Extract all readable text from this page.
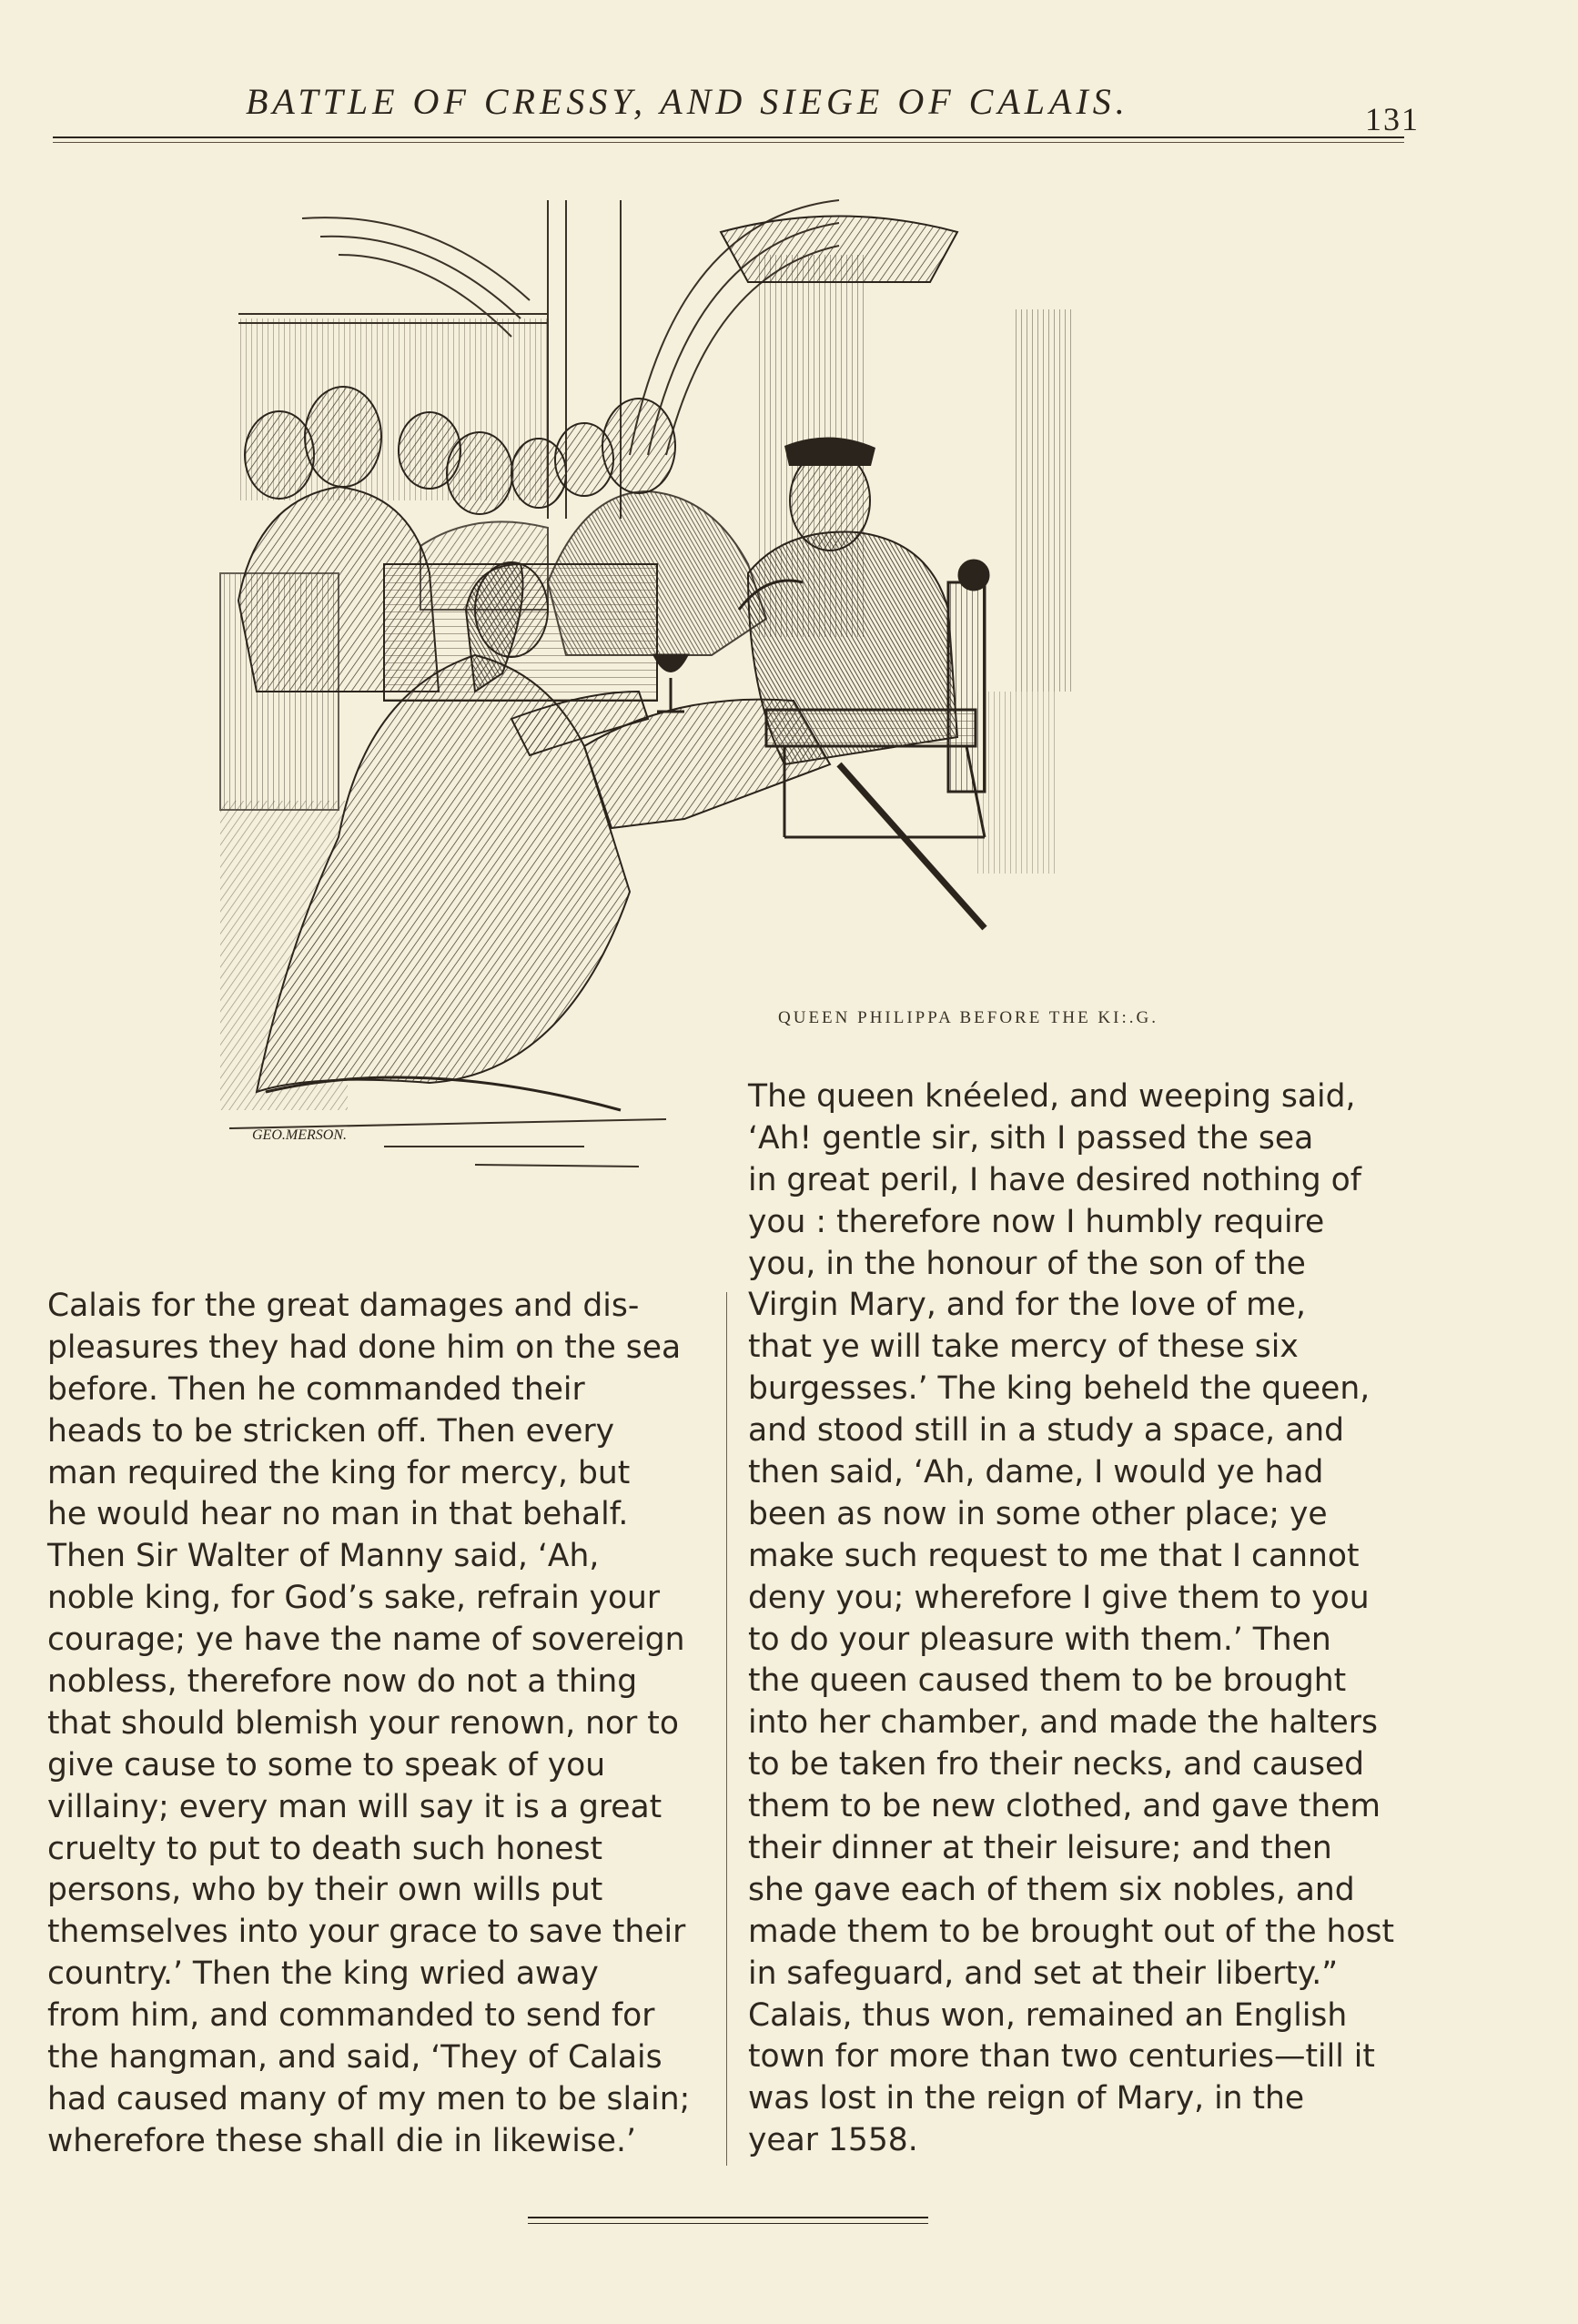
BATTLE OF CRESSY, AND SIEGE OF CALAIS.	131
GEO.MERSON.
QUEEN PHILIPPA BEFORE THE KI:.G.
Calais for the great damages and dis-
pleasures they had done him on the sea
before. Then he commanded their
heads to be stricken off. Then every
man required the king for mercy, but
he would hear no man in that behalf.
Then Sir Walter of Manny said, ‘Ah,
noble king, for God’s sake, refrain your
courage; ye have the name of sovereign
nobless, therefore now do not a thing
that should blemish your renown, nor to
give cause to some to speak of you
villainy; every man will say it is a great
cruelty to put to death such honest
persons, who by their own wills put
themselves into your grace to save their
country.’ Then the king wried away
from him, and commanded to send for
the hangman, and said, ‘They of Calais
had caused many of my men to be slain;
wherefore these shall die in likewise.’
The queen knéeled, and weeping said,
‘Ah! gentle sir, sith I passed the sea
in great peril, I have desired nothing of
you : therefore now I humbly require
you, in the honour of the son of the
Virgin Mary, and for the love of me,
that ye will take mercy of these six
burgesses.’ The king beheld the queen,
and stood still in a study a space, and
then said, ‘Ah, dame, I would ye had
been as now in some other place; ye
make such request to me that I cannot
deny you; wherefore I give them to you
to do your pleasure with them.’ Then
the queen caused them to be brought
into her chamber, and made the halters
to be taken fro their necks, and caused
them to be new clothed, and gave them
their dinner at their leisure; and then
she gave each of them six nobles, and
made them to be brought out of the host
in safeguard, and set at their liberty.”
Calais, thus won, remained an English
town for more than two centuries—till it
was lost in the reign of Mary, in the
year 1558.
